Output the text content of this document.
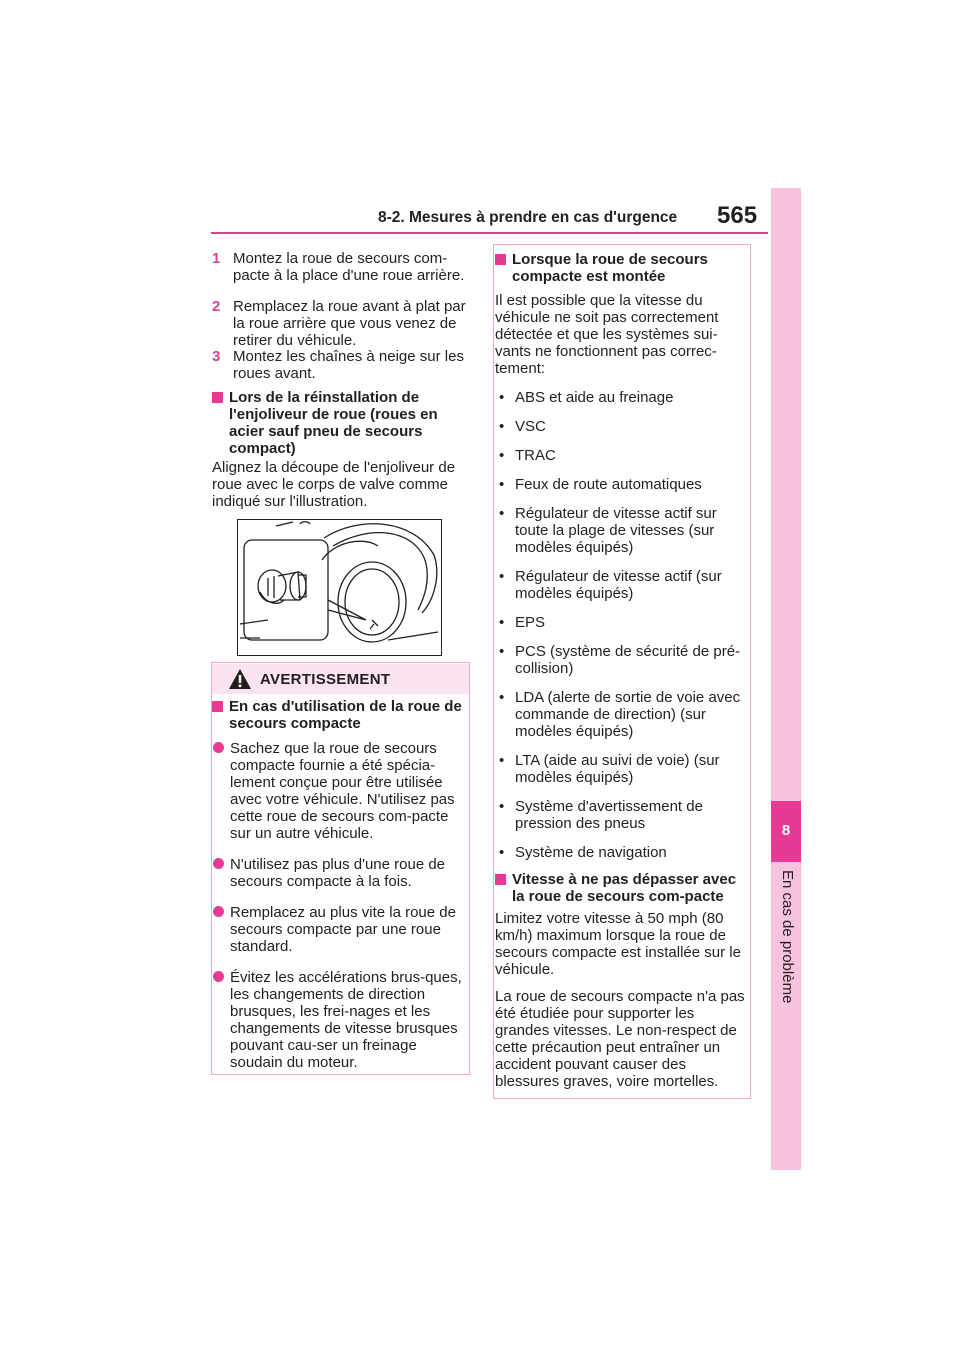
8-2. Mesures à prendre en cas d'urgence 565
8
En cas de problème
1 Montez la roue de secours com-pacte à la place d'une roue arrière.
2 Remplacez la roue avant à plat par la roue arrière que vous venez de retirer du véhicule.
3 Montez les chaînes à neige sur les roues avant.
Lors de la réinstallation de l'enjoliveur de roue (roues en acier sauf pneu de secours compact)
Alignez la découpe de l'enjoliveur de roue avec le corps de valve comme indiqué sur l'illustration.
AVERTISSEMENT
En cas d'utilisation de la roue de secours compacte
Sachez que la roue de secours compacte fournie a été spécia-lement conçue pour être utilisée avec votre véhicule. N'utilisez pas cette roue de secours com-pacte sur un autre véhicule.
N'utilisez pas plus d'une roue de secours compacte à la fois.
Remplacez au plus vite la roue de secours compacte par une roue standard.
Évitez les accélérations brus-ques, les changements de direction brusques, les frei-nages et les changements de vitesse brusques pouvant cau-ser un freinage soudain du moteur.
Lorsque la roue de secours compacte est montée
Il est possible que la vitesse du véhicule ne soit pas correctement détectée et que les systèmes sui-vants ne fonctionnent pas correc-tement:
• ABS et aide au freinage
• VSC
• TRAC
• Feux de route automatiques
• Régulateur de vitesse actif sur toute la plage de vitesses (sur modèles équipés)
• Régulateur de vitesse actif (sur modèles équipés)
• EPS
• PCS (système de sécurité de pré-collision)
• LDA (alerte de sortie de voie avec commande de direction) (sur modèles équipés)
• LTA (aide au suivi de voie) (sur modèles équipés)
• Système d'avertissement de pression des pneus
• Système de navigation
Vitesse à ne pas dépasser avec la roue de secours com-pacte
Limitez votre vitesse à 50 mph (80 km/h) maximum lorsque la roue de secours compacte est installée sur le véhicule.
La roue de secours compacte n'a pas été étudiée pour supporter les grandes vitesses. Le non-respect de cette précaution peut entraîner un accident pouvant causer des blessures graves, voire mortelles.
